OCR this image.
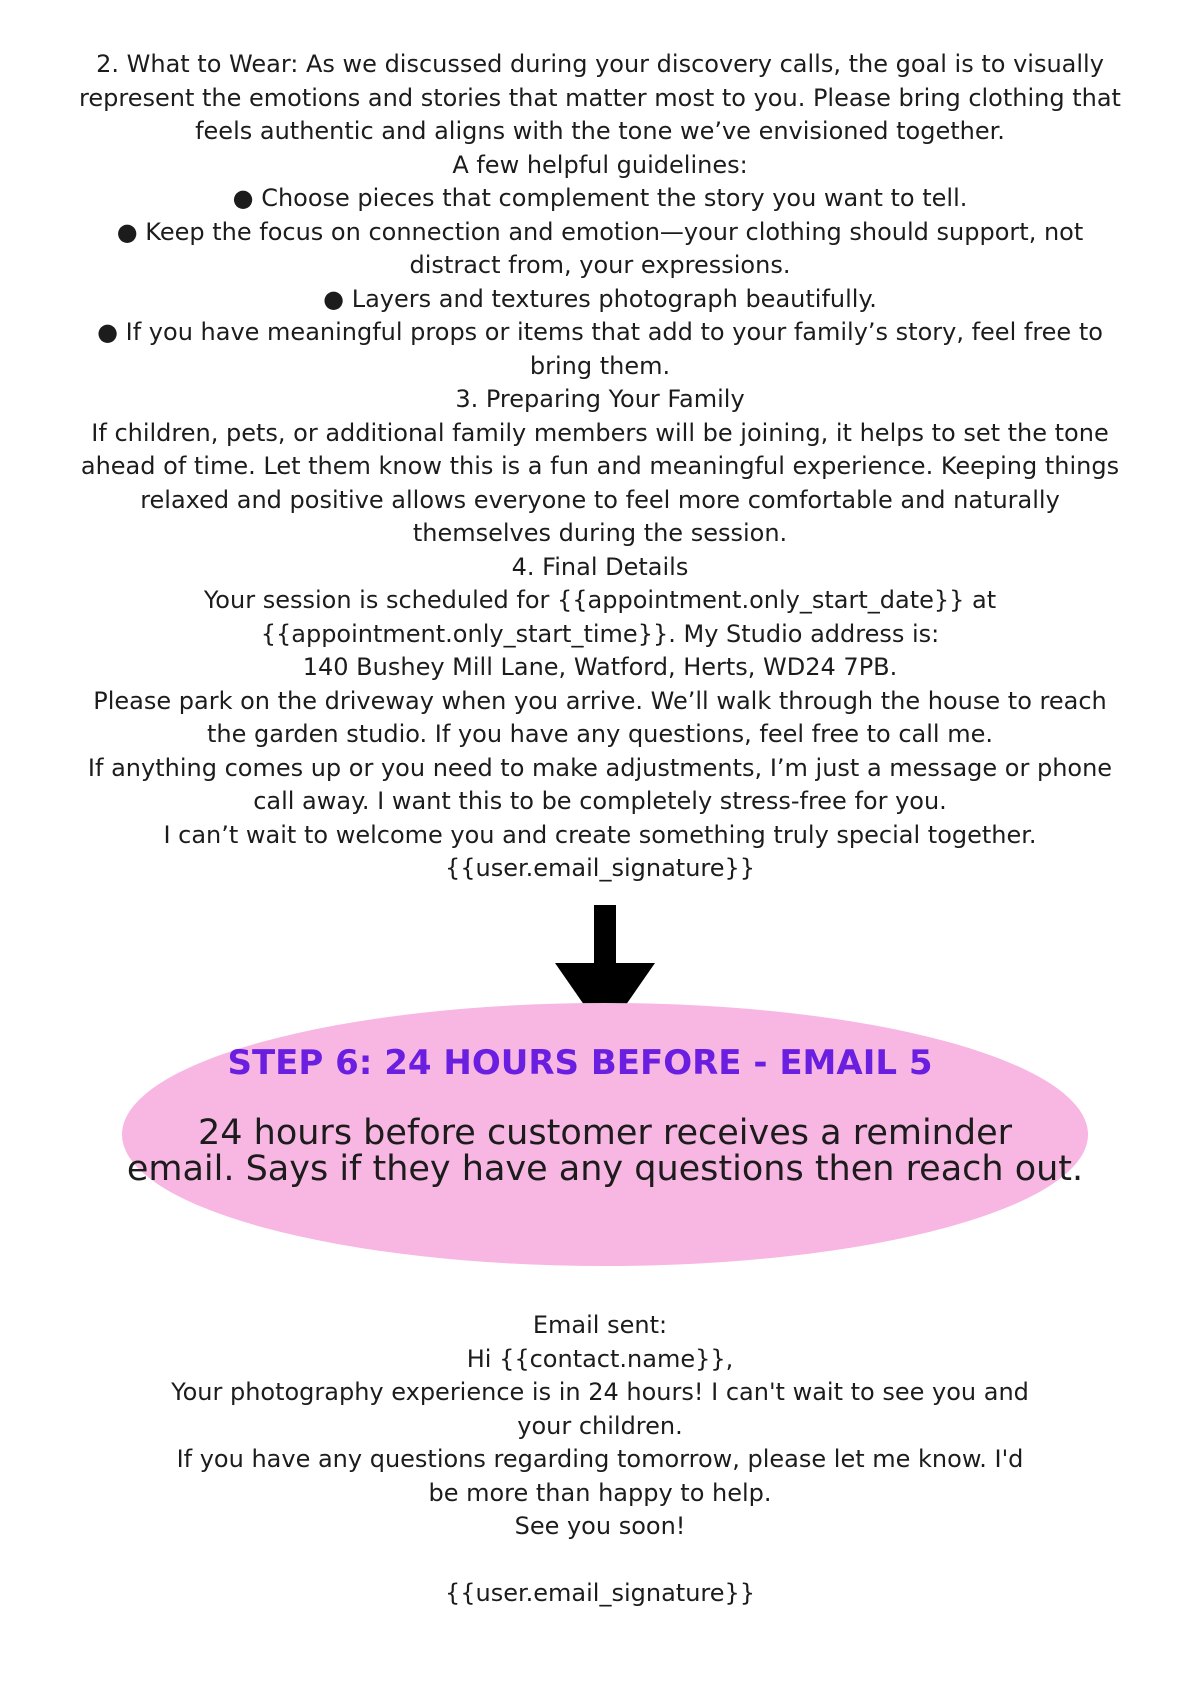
2. What to Wear: As we discussed during your discovery calls, the goal is to visually

represent the emotions and stories that matter most to you. Please bring clothing that

feels authentic and aligns with the tone we’ve envisioned together.

A few helpful guidelines:

● Choose pieces that complement the story you want to tell.

● Keep the focus on connection and emotion—your clothing should support, not

distract from, your expressions.

● Layers and textures photograph beautifully.

● If you have meaningful props or items that add to your family’s story, feel free to

bring them.

3. Preparing Your Family

If children, pets, or additional family members will be joining, it helps to set the tone

ahead of time. Let them know this is a fun and meaningful experience. Keeping things

relaxed and positive allows everyone to feel more comfortable and naturally

themselves during the session.

4. Final Details

Your session is scheduled for {{appointment.only_start_date}} at

{{appointment.only_start_time}}. My Studio address is:

140 Bushey Mill Lane, Watford, Herts, WD24 7PB.

Please park on the driveway when you arrive. We’ll walk through the house to reach

the garden studio. If you have any questions, feel free to call me.

If anything comes up or you need to make adjustments, I’m just a message or phone

call away. I want this to be completely stress-free for you.

I can’t wait to welcome you and create something truly special together.

{{user.email_signature}}

STEP 6: 24 HOURS BEFORE - EMAIL 5
24 hours before customer receives a reminder
email. Says if they have any questions then reach out.

Email sent:

Hi {{contact.name}},

Your photography experience is in 24 hours! I can't wait to see you and

your children.

If you have any questions regarding tomorrow, please let me know. I'd

be more than happy to help.

See you soon!

{{user.email_signature}}
